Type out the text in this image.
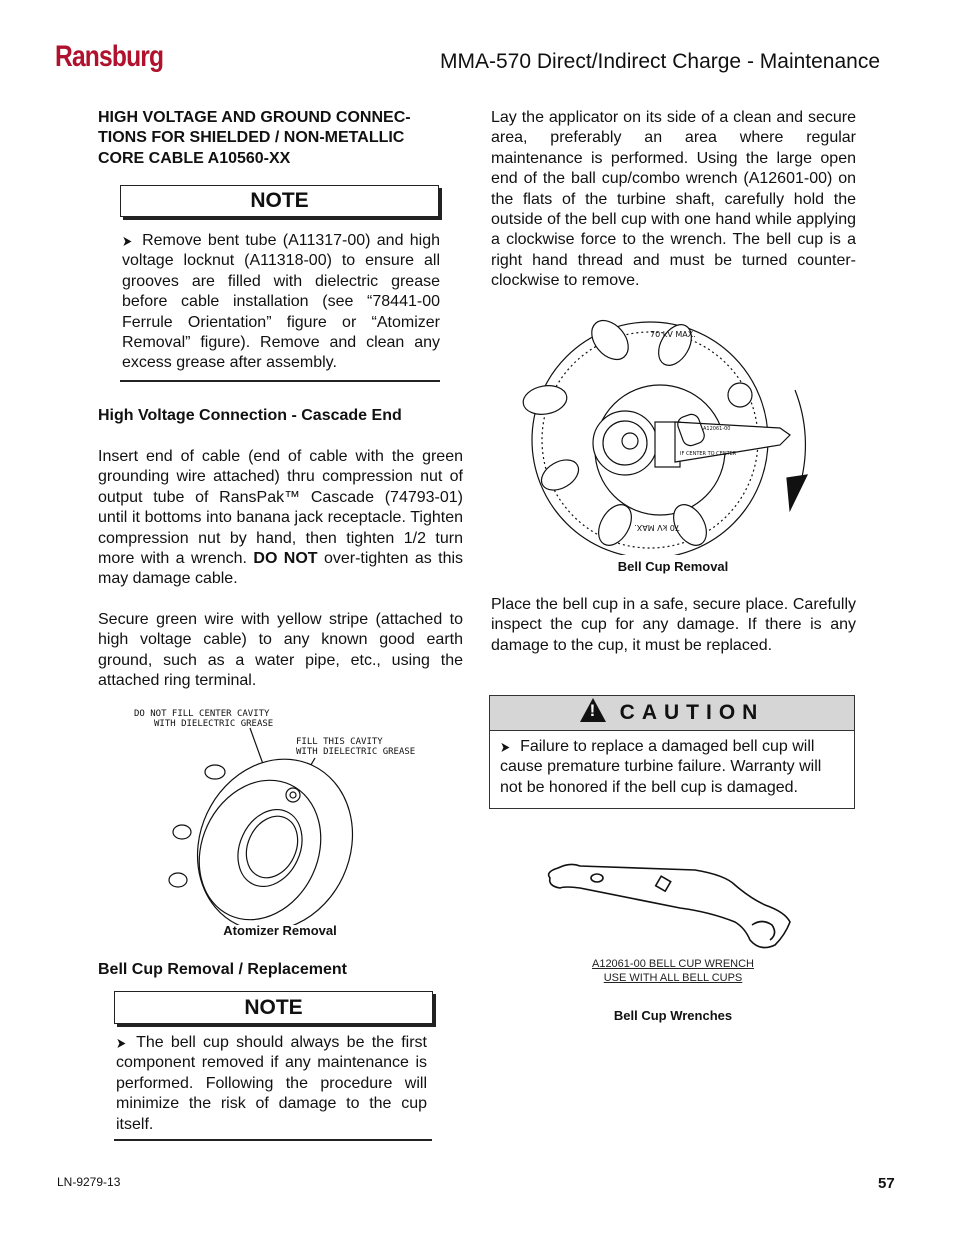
Ransburg	MMA-570 Direct/Indirect Charge - Maintenance
HIGH VOLTAGE AND GROUND CONNEC-
TIONS FOR SHIELDED / NON-METALLIC
CORE CABLE A10560-XX
NOTE
➤ Remove bent tube (A11317-00) and high voltage locknut (A11318-00) to ensure all grooves are filled with dielectric grease before cable installation (see “78441-00 Ferrule Orientation” figure or “Atomizer Removal” figure). Remove and clean any excess grease after assembly.
High Voltage Connection - Cascade End
Insert end of cable (end of cable with the green grounding wire attached) thru compression nut of output tube of RansPak™ Cascade (74793-01) until it bottoms into banana jack receptacle. Tighten compression nut by hand, then tighten 1/2 turn more with a wrench. DO NOT over-tighten as this may damage cable.
Secure green wire with yellow stripe (attached to high voltage cable) to any known good earth ground, such as a water pipe, etc., using the attached ring terminal.
DO NOT FILL CENTER CAVITY
WITH DIELECTRIC GREASE
FILL THIS CAVITY
WITH DIELECTRIC GREASE
Atomizer Removal
Bell Cup Removal / Replacement
NOTE
➤ The bell cup should always be the first component removed if any maintenance is performed. Following the procedure will minimize the risk of damage to the cup itself.
Lay the applicator on its side of a clean and secure area, preferably an area where regular maintenance is performed. Using the large open end of the ball cup/combo wrench (A12601-00) on the flats of the turbine shaft, carefully hold the outside of the bell cup with one hand while applying a clockwise force to the wrench. The bell cup is a right hand thread and must be turned counter-clockwise to remove.
70 kV MAX.
70 kV MAX.
A12061-00
IF CENTER TO CENTER
Bell Cup Removal
Place the bell cup in a safe, secure place. Carefully inspect the cup for any damage. If there is any damage to the cup, it must be replaced.
! CAUTION
➤ Failure to replace a damaged bell cup will cause premature turbine failure. Warranty will not be honored if the bell cup is damaged.
A12061-00 BELL CUP WRENCH
USE WITH ALL BELL CUPS
Bell Cup Wrenches
LN-9279-13	57
